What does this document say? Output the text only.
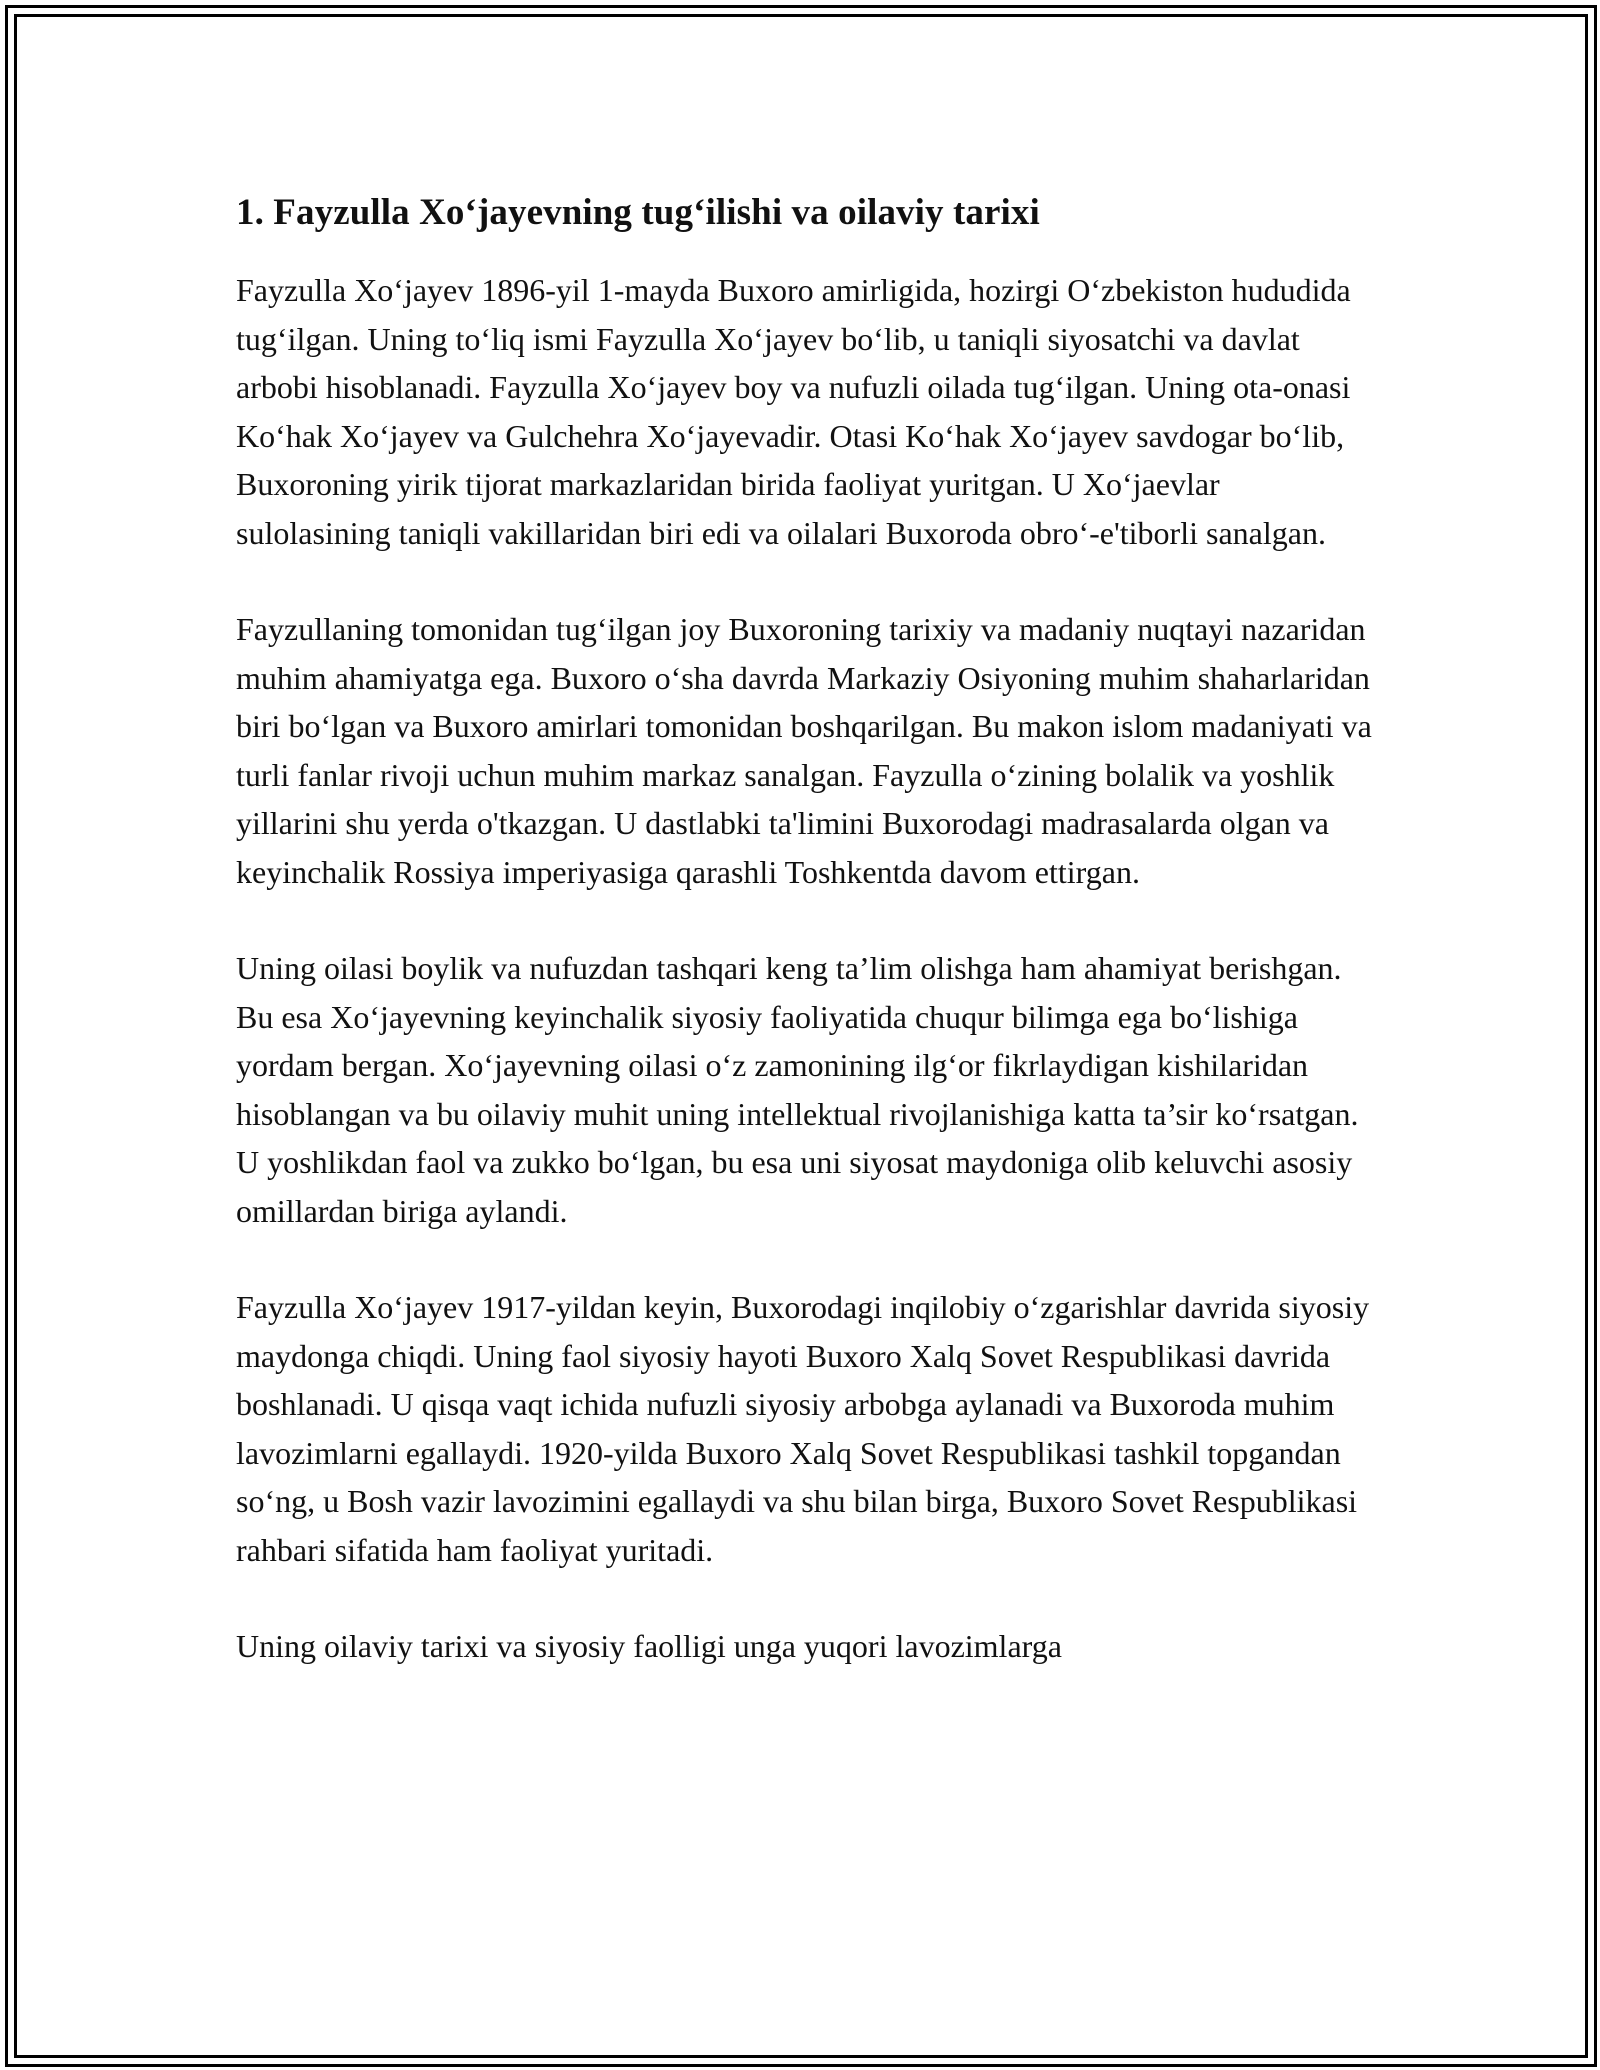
1. Fayzulla Xo‘jayevning tug‘ilishi va oilaviy tarixi

Fayzulla Xo‘jayev 1896-yil 1-mayda Buxoro amirligida, hozirgi O‘zbekiston hududida tug‘ilgan. Uning to‘liq ismi Fayzulla Xo‘jayev bo‘lib, u taniqli siyosatchi va davlat arbobi hisoblanadi. Fayzulla Xo‘jayev boy va nufuzli oilada tug‘ilgan. Uning ota-onasi Ko‘hak Xo‘jayev va Gulchehra Xo‘jayevadir. Otasi Ko‘hak Xo‘jayev savdogar bo‘lib, Buxoroning yirik tijorat markazlaridan birida faoliyat yuritgan. U Xo‘jaevlar sulolasining taniqli vakillaridan biri edi va oilalari Buxoroda obro‘-e'tiborli sanalgan.

Fayzullaning tomonidan tug‘ilgan joy Buxoroning tarixiy va madaniy nuqtayi nazaridan muhim ahamiyatga ega. Buxoro o‘sha davrda Markaziy Osiyoning muhim shaharlaridan biri bo‘lgan va Buxoro amirlari tomonidan boshqarilgan. Bu makon islom madaniyati va turli fanlar rivoji uchun muhim markaz sanalgan. Fayzulla o‘zining bolalik va yoshlik yillarini shu yerda o'tkazgan. U dastlabki ta'limini Buxorodagi madrasalarda olgan va keyinchalik Rossiya imperiyasiga qarashli Toshkentda davom ettirgan.

Uning oilasi boylik va nufuzdan tashqari keng ta’lim olishga ham ahamiyat berishgan. Bu esa Xo‘jayevning keyinchalik siyosiy faoliyatida chuqur bilimga ega bo‘lishiga yordam bergan. Xo‘jayevning oilasi o‘z zamonining ilg‘or fikrlaydigan kishilaridan hisoblangan va bu oilaviy muhit uning intellektual rivojlanishiga katta ta’sir ko‘rsatgan. U yoshlikdan faol va zukko bo‘lgan, bu esa uni siyosat maydoniga olib keluvchi asosiy omillardan biriga aylandi.

Fayzulla Xo‘jayev 1917-yildan keyin, Buxorodagi inqilobiy o‘zgarishlar davrida siyosiy maydonga chiqdi. Uning faol siyosiy hayoti Buxoro Xalq Sovet Respublikasi davrida boshlanadi. U qisqa vaqt ichida nufuzli siyosiy arbobga aylanadi va Buxoroda muhim lavozimlarni egallaydi. 1920-yilda Buxoro Xalq Sovet Respublikasi tashkil topgandan so‘ng, u Bosh vazir lavozimini egallaydi va shu bilan birga, Buxoro Sovet Respublikasi rahbari sifatida ham faoliyat yuritadi.

Uning oilaviy tarixi va siyosiy faolligi unga yuqori lavozimlarga
